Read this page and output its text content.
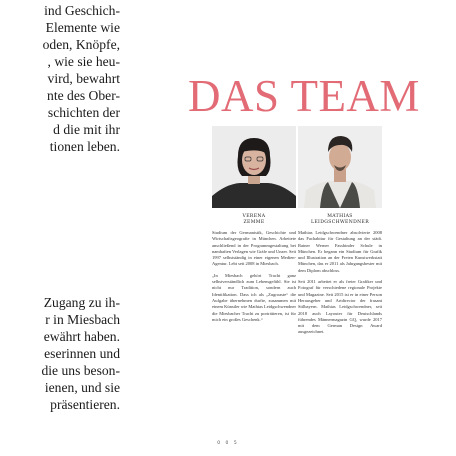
ind Geschich-
Elemente wie
oden, Knöpfe,
, wie sie heu-
vird, bewahrt
nte des Ober-
schichten der
d die mit ihr
tionen leben.

Zugang zu ih-
r in Miesbach
ewährt haben.
eserinnen und
die uns beson-
ienen, und sie
präsentieren.

DAS TEAM

VERENA
ZEMME

Studium der Germanistik, Geschichte und Wirtschaftsgeografie in München. Arbeitete anschließend in der Programmgestaltung bei namhaften Verlagen wie Gräfe und Unzer. Seit 1997 selbstständig in einer eigenen Medien-Agentur. Lebt seit 2008 in Miesbach.

„In Miesbach gehört Tracht ganz selbstverständlich zum Lebensgefühl. Sie ist nicht nur Tradition, sondern auch Identifikation. Dass ich als „Zugroaste“ die Aufgabe übernehmen durfte, zusammen mit einem Künstler wie Mathias Leidgschwendner die Miesbacher Tracht zu porträtieren, ist für mich ein großes Geschenk.“

MATHIAS
LEIDGSCHWENDNER

Mathias Leidgschwendner absolvierte 2008 das Fachabitur für Gestaltung an der städt. Rainer Werner Fassbinder Schule in München. Er begann ein Studium für Grafik und Illustration an der Freien Kunstwerkstatt München, das er 2011 als Jahrgangsbester mit dem Diplom abschloss.

Seit 2011 arbeitet er als freier Grafiker und Fotograf für verschiedene regionale Projekte und Magazine. Seit 2015 ist er in einer Person Herausgeber und Artdirector der frasant Stilbayern. Mathias Leidgschwendner, seit 2018 auch Layouter für Deutschlands führendes Männermagazin GQ, wurde 2017 mit dem German Design Award ausgezeichnet.

0 0 5
